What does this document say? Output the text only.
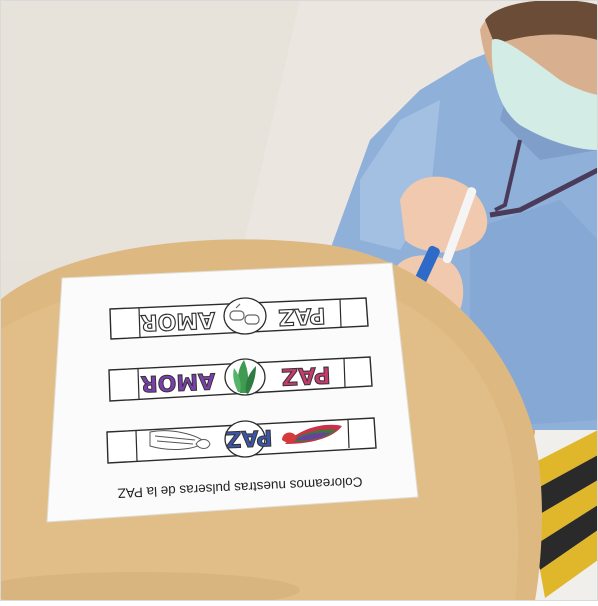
PAZ
AMOR
PAZ
AMOR
PAZ
Coloreamos nuestras pulseras de la PAZ
